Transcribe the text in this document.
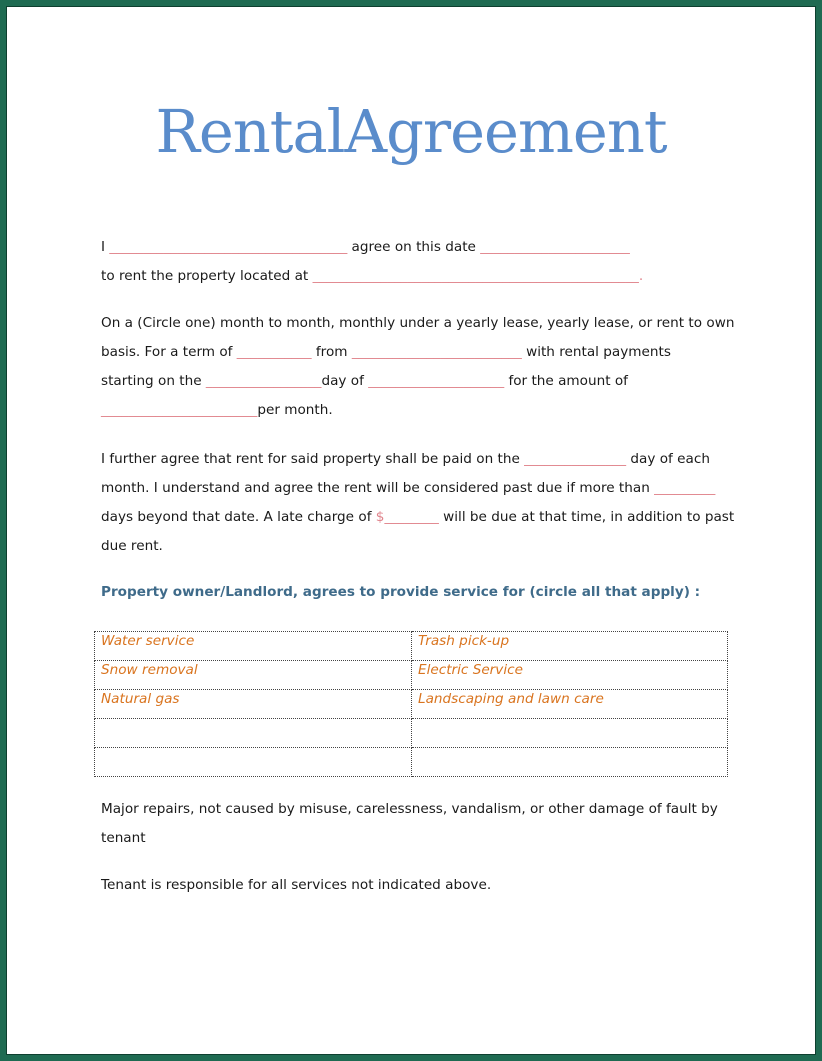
RentalAgreement
I ___________________________________ agree on this date ______________________
to rent the property located at ________________________________________________.
On a (Circle one) month to month, monthly under a yearly lease, yearly lease, or rent to own
basis. For a term of ___________ from _________________________ with rental payments
starting on the _________________day of ____________________ for the amount of
_______________________per month.
I further agree that rent for said property shall be paid on the _______________ day of each
month. I understand and agree the rent will be considered past due if more than _________
days beyond that date. A late charge of $________ will be due at that time, in addition to past
due rent.
Property owner/Landlord, agrees to provide service for (circle all that apply) :
Water service	Trash pick-up
Snow removal	Electric Service
Natural gas	Landscaping and lawn care

Major repairs, not caused by misuse, carelessness, vandalism, or other damage of fault by
tenant
Tenant is responsible for all services not indicated above.
